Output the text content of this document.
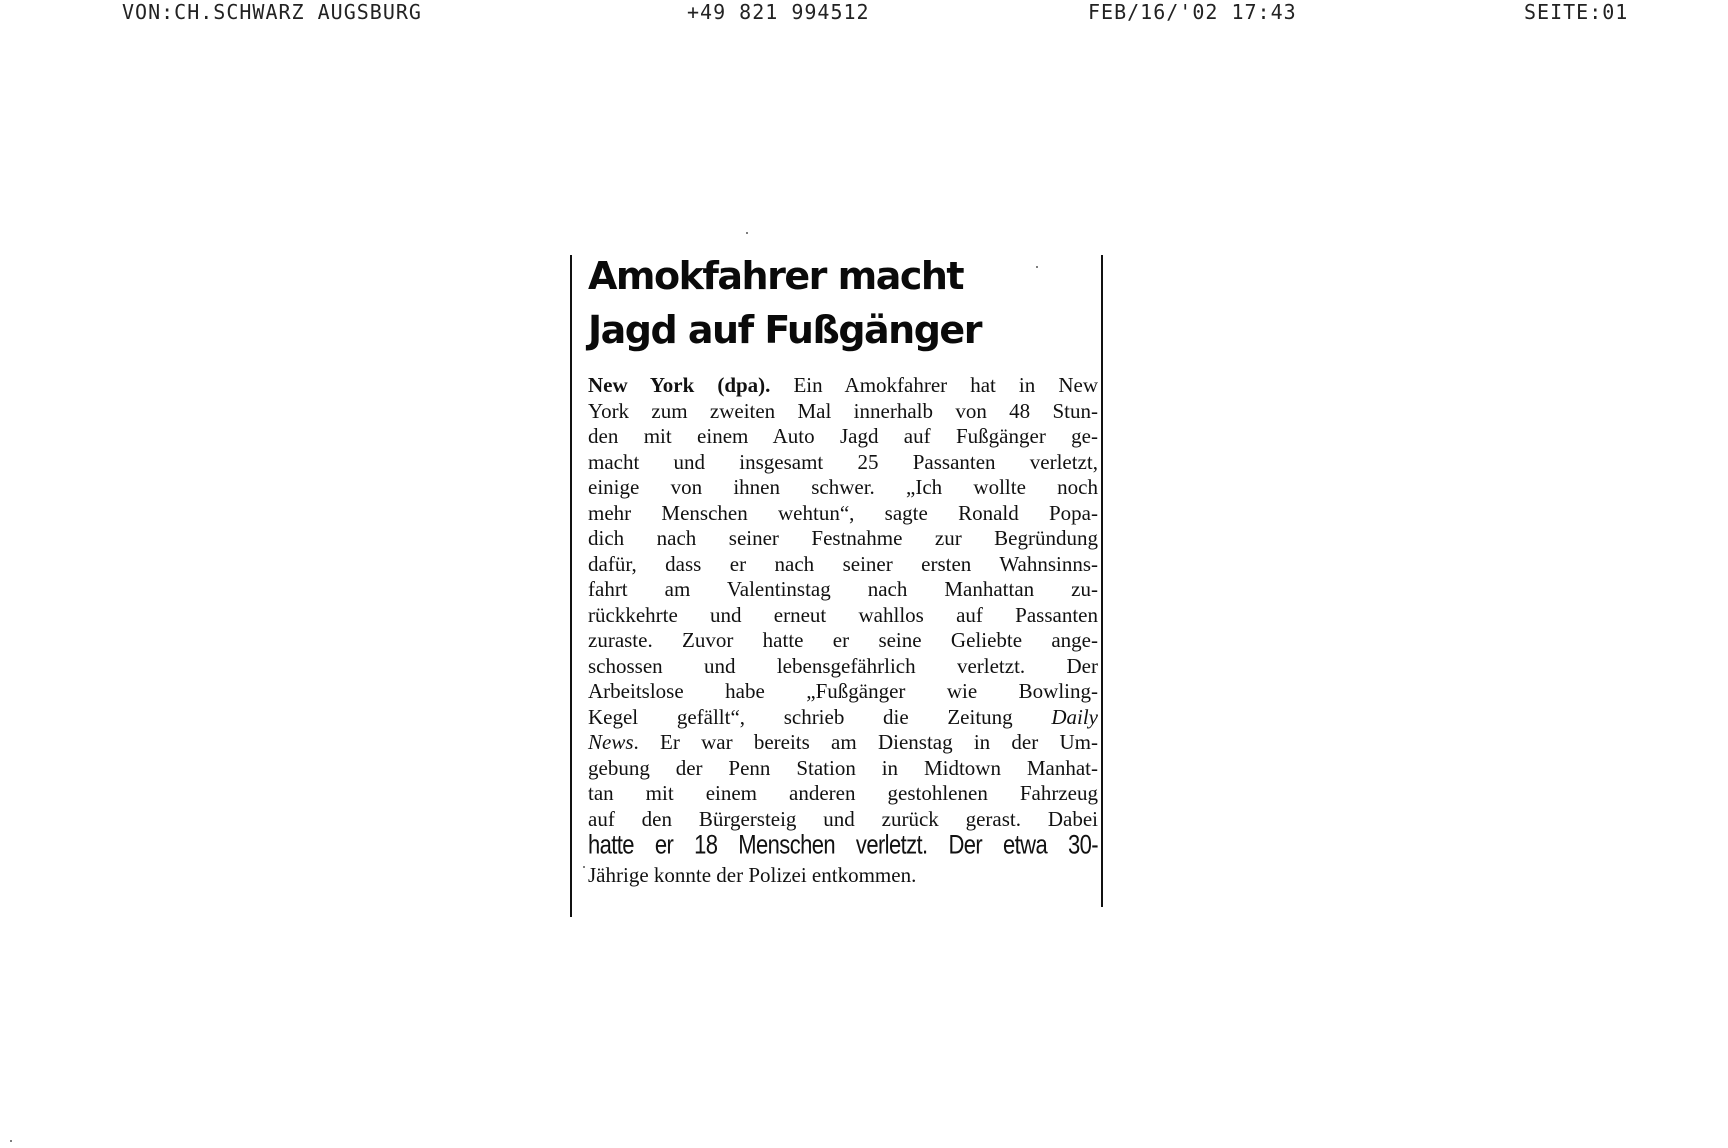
VON:CH.SCHWARZ AUGSBURG	+49 821 994512	FEB/16/'02 17:43	SEITE:01
Amokfahrer macht
Jagd auf Fußgänger
New York (dpa). Ein Amokfahrer hat in New
York zum zweiten Mal innerhalb von 48 Stun-
den mit einem Auto Jagd auf Fußgänger ge-
macht und insgesamt 25 Passanten verletzt,
einige von ihnen schwer. „Ich wollte noch
mehr Menschen wehtun“, sagte Ronald Popa-
dich nach seiner Festnahme zur Begründung
dafür, dass er nach seiner ersten Wahnsinns-
fahrt am Valentinstag nach Manhattan zu-
rückkehrte und erneut wahllos auf Passanten
zuraste. Zuvor hatte er seine Geliebte ange-
schossen und lebensgefährlich verletzt. Der
Arbeitslose habe „Fußgänger wie Bowling-
Kegel gefällt“, schrieb die Zeitung Daily
News. Er war bereits am Dienstag in der Um-
gebung der Penn Station in Midtown Manhat-
tan mit einem anderen gestohlenen Fahrzeug
auf den Bürgersteig und zurück gerast. Dabei
hatte er 18 Menschen verletzt. Der etwa 30-
Jährige konnte der Polizei entkommen.
